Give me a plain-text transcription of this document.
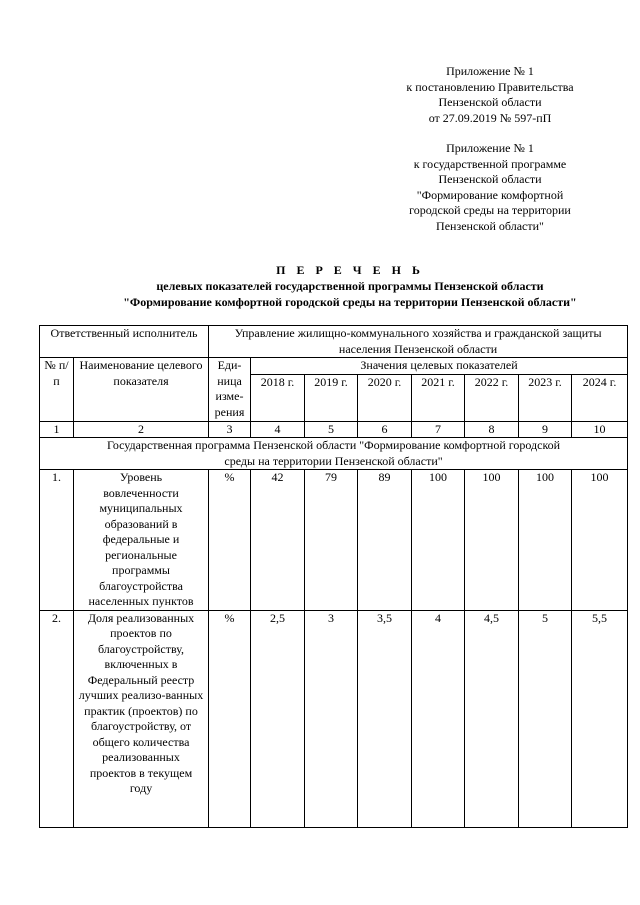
Приложение № 1
к постановлению Правительства
Пензенской области
от 27.09.2019 № 597-пП
Приложение № 1
к государственной программе
Пензенской области
"Формирование комфортной
городской среды на территории
Пензенской области"
П Е Р Е Ч Е Н Ь
целевых показателей государственной программы Пензенской области
"Формирование комфортной городской среды на территории Пензенской области"
Ответственный исполнитель		Управление жилищно-коммунального хозяйства и гражданской защиты населения Пензенской области							
№ п/п	Наименование целевого показателя	Еди-ница изме-рения	Значения целевых показателей						
			2018 г.	2019 г.	2020 г.	2021 г.	2022 г.	2023 г.	2024 г.
1	2	3	4	5	6	7	8	9	10
Государственная программа Пензенской области "Формирование комфортной городской среды на территории Пензенской области"									
1.	Уровень вовлеченности муниципальных образований в федеральные и региональные программы благоустройства населенных пунктов	%	42	79	89	100	100	100	100
2.	Доля реализованных проектов по благоустройству, включенных в Федеральный реестр лучших реализо-ванных практик (проектов) по благоустройству, от общего количества реализованных проектов в текущем году	%	2,5	3	3,5	4	4,5	5	5,5
